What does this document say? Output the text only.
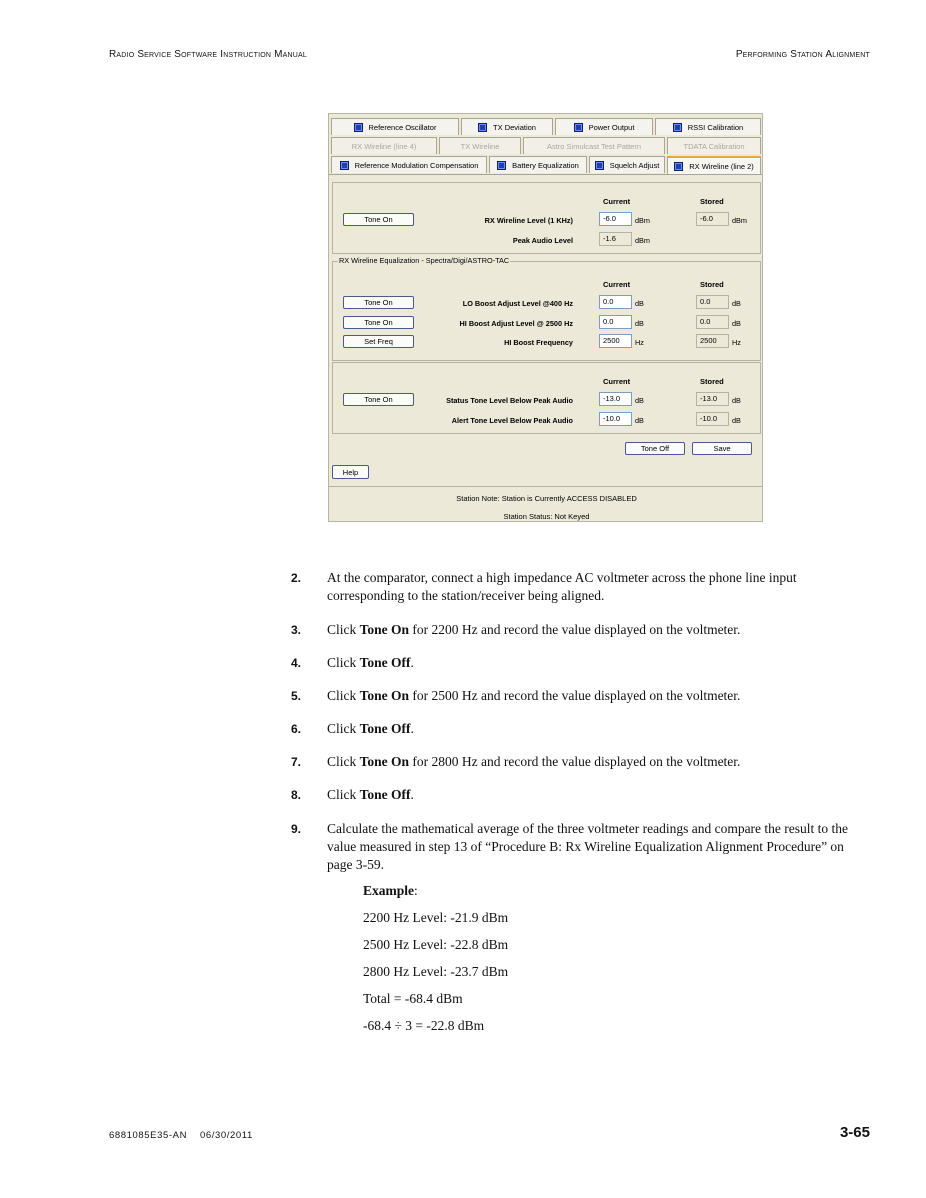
Radio Service Software Instruction Manual	Performing Station Alignment
Reference Oscillator	TX Deviation	Power Output	RSSI Calibration
RX Wireline (line 4)	TX Wireline	Astro Simulcast Test Pattern	TDATA Calibration
Reference Modulation Compensation	Battery Equalization	Squelch Adjust	RX Wireline (line 2)
Current	Stored
Tone On	RX Wireline Level (1 KHz)	-6.0	dBm	-6.0	dBm
Peak Audio Level	-1.6	dBm
RX Wireline Equalization - Spectra/Digi/ASTRO-TAC
Current	Stored
Tone On	LO Boost Adjust Level @400 Hz	0.0	dB	0.0	dB
Tone On	HI Boost Adjust Level @ 2500 Hz	0.0	dB	0.0	dB
Set Freq	HI Boost Frequency	2500	Hz	2500	Hz
Current	Stored
Tone On	Status Tone Level Below Peak Audio	-13.0	dB	-13.0	dB
Alert Tone Level Below Peak Audio	-10.0	dB	-10.0	dB
Tone Off	Save
Help
Station Note: Station is Currently ACCESS DISABLED
Station Status: Not Keyed
2. At the comparator, connect a high impedance AC voltmeter across the phone line input corresponding to the station/receiver being aligned.
3. Click Tone On for 2200 Hz and record the value displayed on the voltmeter.
4. Click Tone Off.
5. Click Tone On for 2500 Hz and record the value displayed on the voltmeter.
6. Click Tone Off.
7. Click Tone On for 2800 Hz and record the value displayed on the voltmeter.
8. Click Tone Off.
9. Calculate the mathematical average of the three voltmeter readings and compare the result to the value measured in step 13 of “Procedure B: Rx Wireline Equalization Alignment Procedure” on page 3-59.
Example:
2200 Hz Level: -21.9 dBm
2500 Hz Level: -22.8 dBm
2800 Hz Level: -23.7 dBm
Total = -68.4 dBm
-68.4 ÷ 3 = -22.8 dBm
6881085E35-AN 06/30/2011	3-65
